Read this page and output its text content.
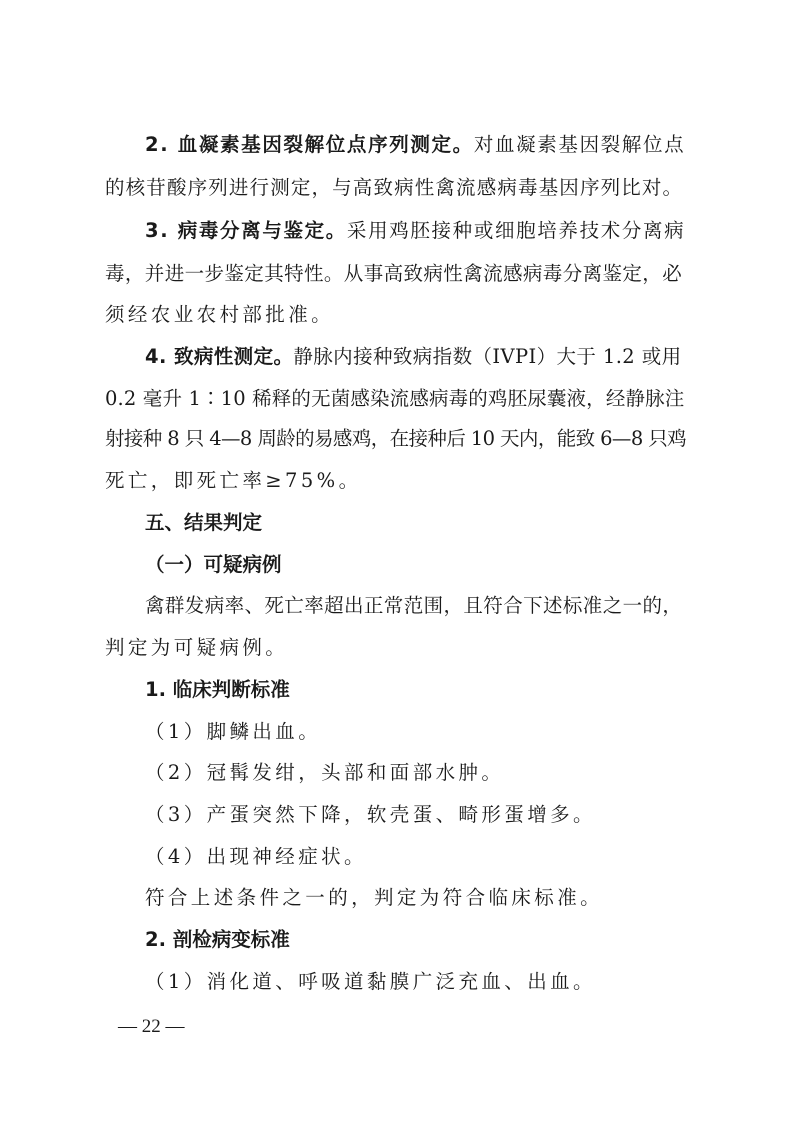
2. 血凝素基因裂解位点序列测定。对血凝素基因裂解位点
的核苷酸序列进行测定，与高致病性禽流感病毒基因序列比对。
3. 病毒分离与鉴定。采用鸡胚接种或细胞培养技术分离病
毒，并进一步鉴定其特性。从事高致病性禽流感病毒分离鉴定，必
须经农业农村部批准。
4. 致病性测定。静脉内接种致病指数（IVPI）大于 1.2 或用
0.2 毫升 1∶10 稀释的无菌感染流感病毒的鸡胚尿囊液，经静脉注
射接种 8 只 4—8 周龄的易感鸡，在接种后 10 天内，能致 6—8 只鸡
死亡，即死亡率≥75%。
五、结果判定
（一）可疑病例
禽群发病率、死亡率超出正常范围，且符合下述标准之一的，
判定为可疑病例。
1. 临床判断标准
（1）脚鳞出血。
（2）冠髯发绀，头部和面部水肿。
（3）产蛋突然下降，软壳蛋、畸形蛋增多。
（4）出现神经症状。
符合上述条件之一的，判定为符合临床标准。
2. 剖检病变标准
（1）消化道、呼吸道黏膜广泛充血、出血。
— 22 —
